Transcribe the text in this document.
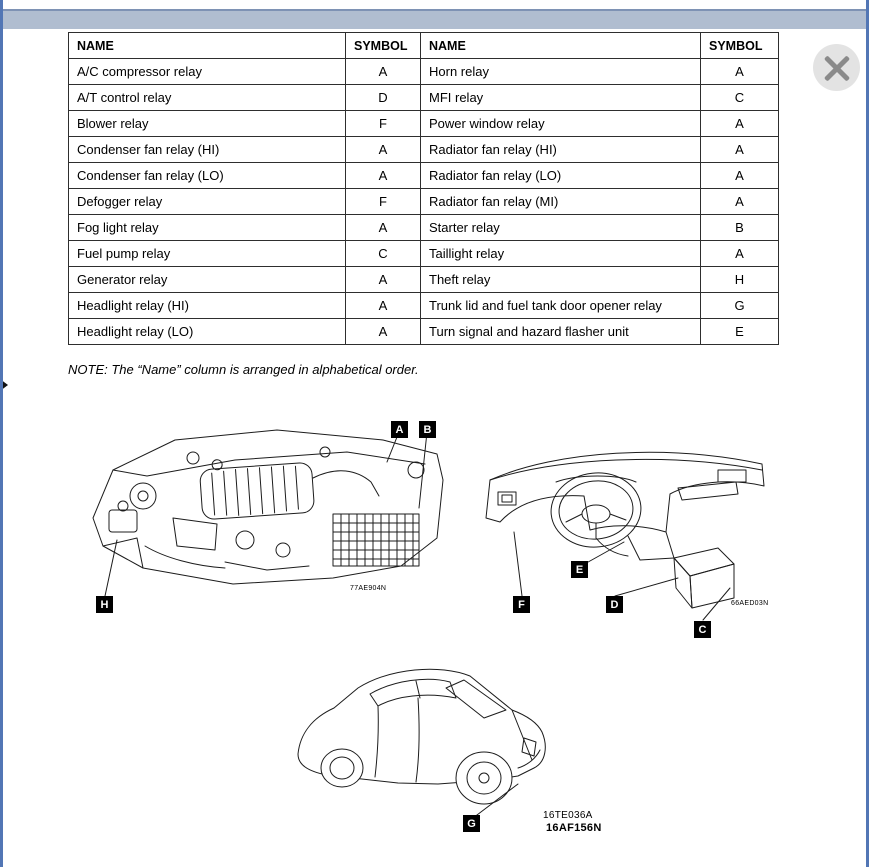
NAME	SYMBOL	NAME	SYMBOL
A/C compressor relay	A	Horn relay	A
A/T control relay	D	MFI relay	C
Blower relay	F	Power window relay	A
Condenser fan relay (HI)	A	Radiator fan relay (HI)	A
Condenser fan relay (LO)	A	Radiator fan relay (LO)	A
Defogger relay	F	Radiator fan relay (MI)	A
Fog light relay	A	Starter relay	B
Fuel pump relay	C	Taillight relay	A
Generator relay	A	Theft relay	H
Headlight relay (HI)	A	Trunk lid and fuel tank door opener relay	G
Headlight relay (LO)	A	Turn signal and hazard flasher unit	E
NOTE: The “Name” column is arranged in alphabetical order.
A	B
H
E
F	D
C
G
77AE904N
66AED03N
16TE036A
16AF156N
